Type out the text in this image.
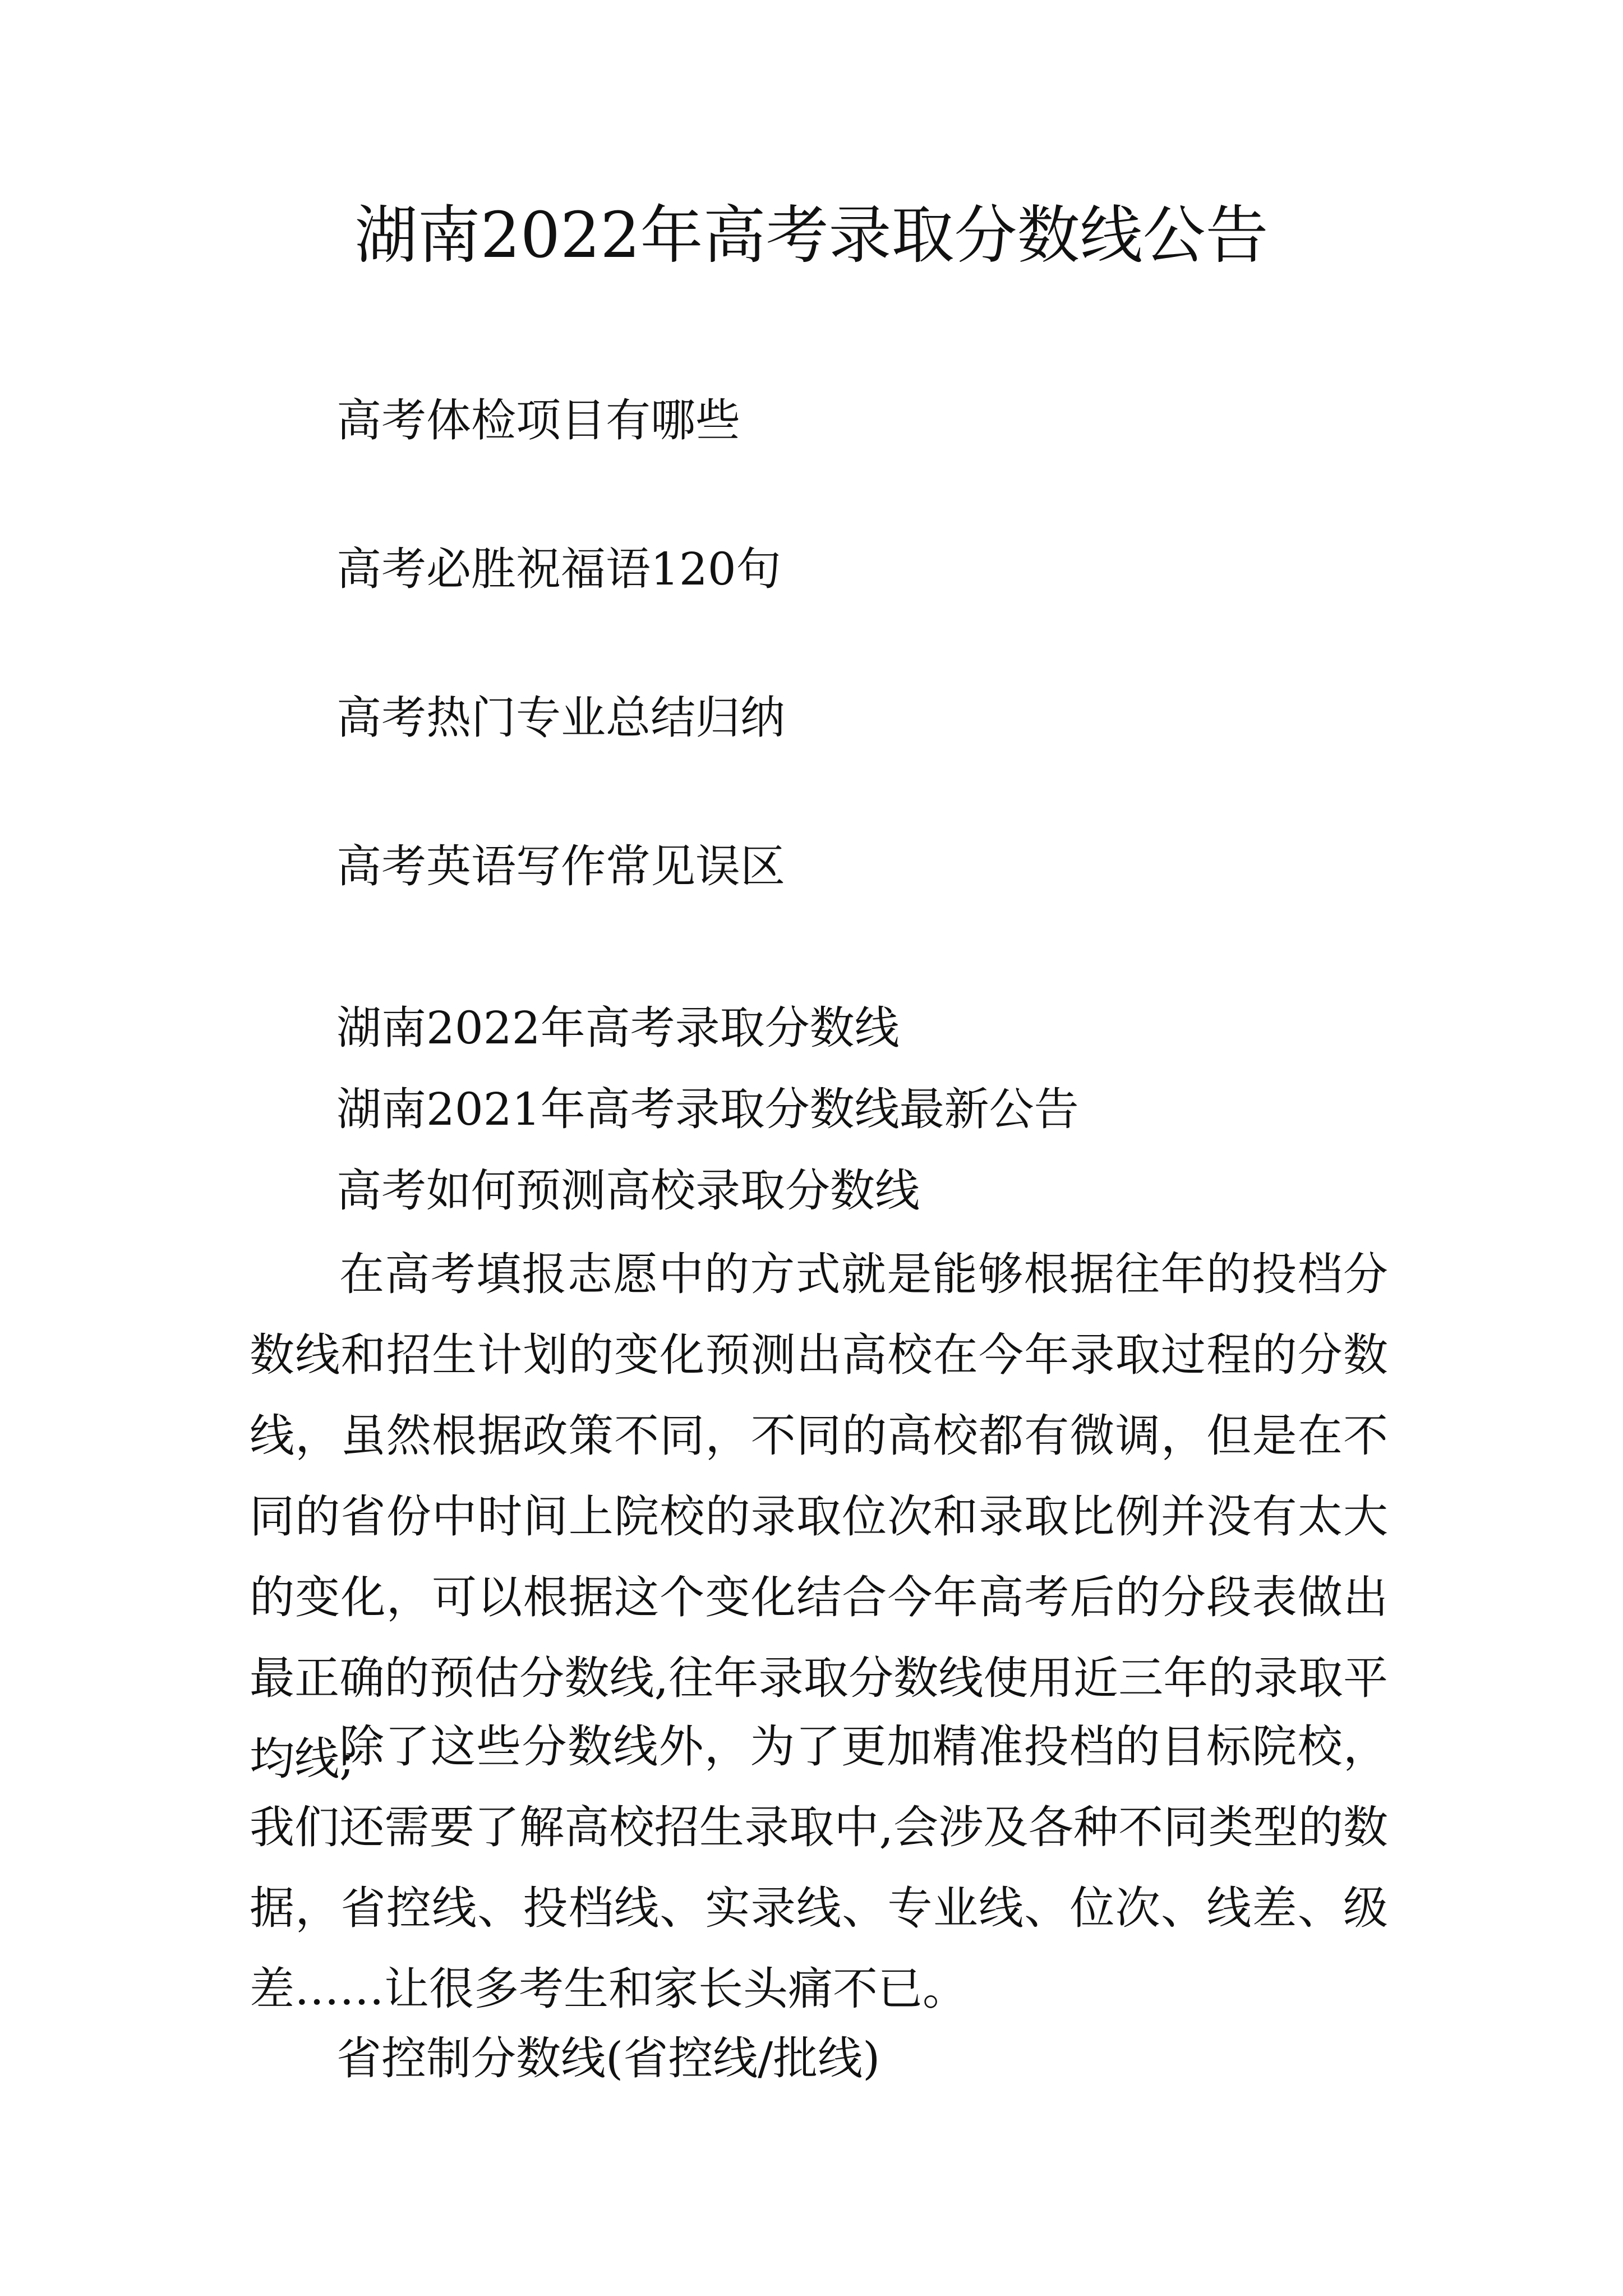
湖南2022年高考录取分数线公告

高考体检项目有哪些

高考必胜祝福语120句

高考热门专业总结归纳

高考英语写作常见误区

湖南2022年高考录取分数线

湖南2021年高考录取分数线最新公告

高考如何预测高校录取分数线

在高考填报志愿中的方式就是能够根据往年的投档分数线和招生计划的变化预测出高校在今年录取过程的分数线，虽然根据政策不同，不同的高校都有微调，但是在不同的省份中时间上院校的录取位次和录取比例并没有太大的变化，可以根据这个变化结合今年高考后的分段表做出最正确的预估分数线,往年录取分数线使用近三年的录取平均线;

除了这些分数线外，为了更加精准投档的目标院校，我们还需要了解高校招生录取中,会涉及各种不同类型的数据，省控线、投档线、实录线、专业线、位次、线差、级差……让很多考生和家长头痛不已。

省控制分数线(省控线/批线)
